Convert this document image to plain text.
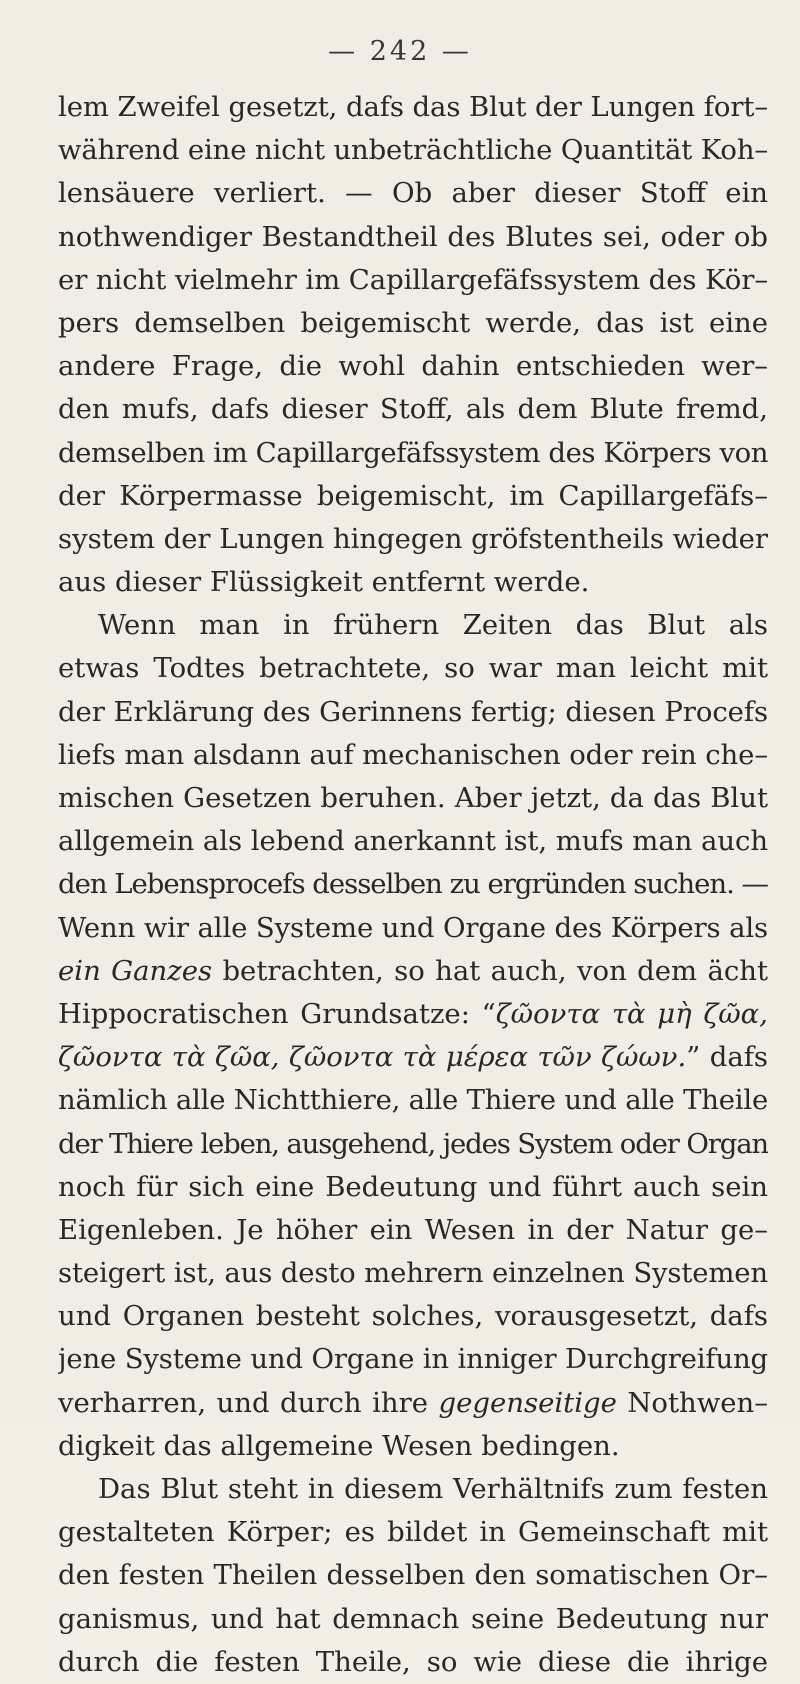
— 242 —
lem Zweifel gesetzt, dafs das Blut der Lungen fort–
während eine nicht unbeträchtliche Quantität Koh–
lensäuere verliert. — Ob aber dieser Stoff ein
nothwendiger Bestandtheil des Blutes sei, oder ob
er nicht vielmehr im Capillargefäfssystem des Kör–
pers demselben beigemischt werde, das ist eine
andere Frage, die wohl dahin entschieden wer–
den mufs, dafs dieser Stoff, als dem Blute fremd,
demselben im Capillargefäfssystem des Körpers von
der Körpermasse beigemischt, im Capillargefäfs–
system der Lungen hingegen gröfstentheils wieder
aus dieser Flüssigkeit entfernt werde.
Wenn man in frühern Zeiten das Blut als
etwas Todtes betrachtete, so war man leicht mit
der Erklärung des Gerinnens fertig; diesen Procefs
liefs man alsdann auf mechanischen oder rein che–
mischen Gesetzen beruhen. Aber jetzt, da das Blut
allgemein als lebend anerkannt ist, mufs man auch
den Lebensprocefs desselben zu ergründen suchen. —
Wenn wir alle Systeme und Organe des Körpers als
ein Ganzes betrachten, so hat auch, von dem ächt
Hippocratischen Grundsatze: “ζῶοντα τὰ μὴ ζῶα,
ζῶοντα τὰ ζῶα, ζῶοντα τὰ μέρεα τῶν ζώων.” dafs
nämlich alle Nichtthiere, alle Thiere und alle Theile
der Thiere leben, ausgehend, jedes System oder Organ
noch für sich eine Bedeutung und führt auch sein
Eigenleben. Je höher ein Wesen in der Natur ge–
steigert ist, aus desto mehrern einzelnen Systemen
und Organen besteht solches, vorausgesetzt, dafs
jene Systeme und Organe in inniger Durchgreifung
verharren, und durch ihre gegenseitige Nothwen–
digkeit das allgemeine Wesen bedingen.
Das Blut steht in diesem Verhältnifs zum festen
gestalteten Körper; es bildet in Gemeinschaft mit
den festen Theilen desselben den somatischen Or–
ganismus, und hat demnach seine Bedeutung nur
durch die festen Theile, so wie diese die ihrige
